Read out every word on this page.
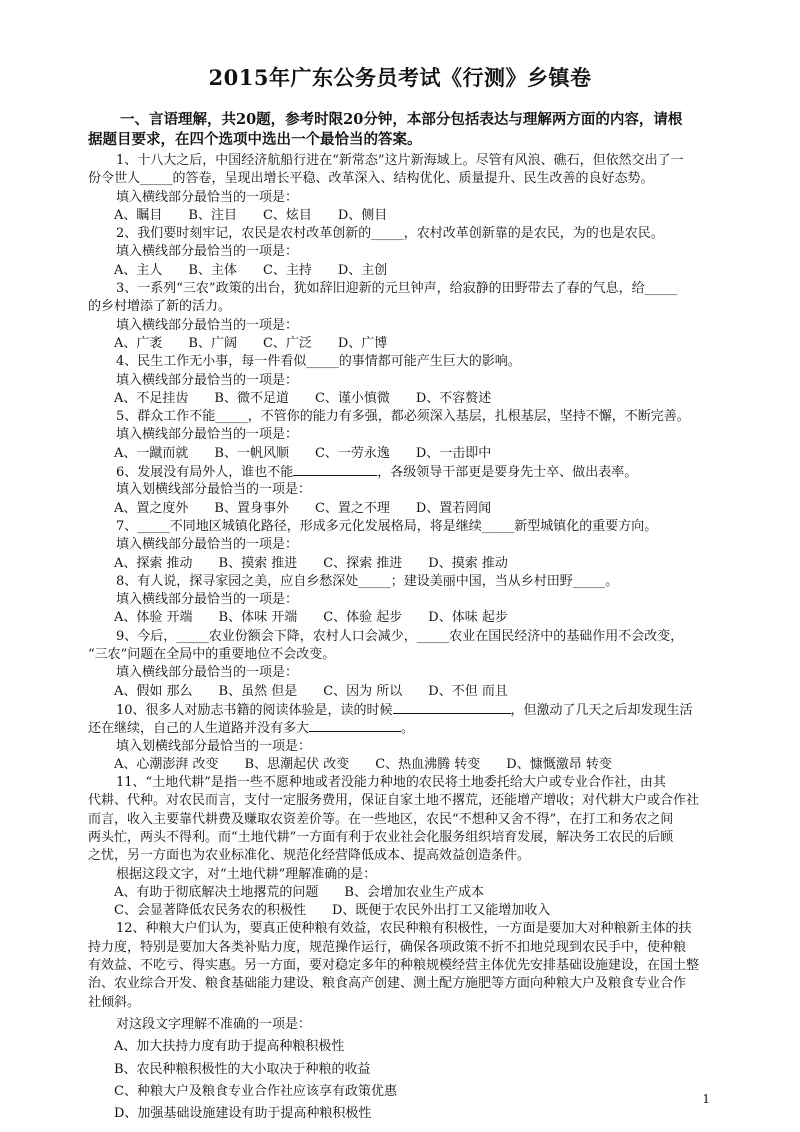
2015年广东公务员考试《行测》乡镇卷
一、言语理解，共20题，参考时限20分钟，本部分包括表达与理解两方面的内容，请根
据题目要求，在四个选项中选出一个最恰当的答案。
1、十八大之后，中国经济航船行进在“新常态”这片新海域上。尽管有风浪、礁石，但依然交出了一
份令世人_____的答卷，呈现出增长平稳、改革深入、结构优化、质量提升、民生改善的良好态势。
填入横线部分最恰当的一项是：
A、瞩目　　B、注目　　C、炫目　　D、侧目
2、我们要时刻牢记，农民是农村改革创新的_____，农村改革创新靠的是农民，为的也是农民。
填入横线部分最恰当的一项是：
A、主人　　B、主体　　C、主持　　D、主创
3、一系列“三农”政策的出台，犹如辞旧迎新的元旦钟声，给寂静的田野带去了春的气息，给_____
的乡村增添了新的活力。
填入横线部分最恰当的一项是：
A、广袤　　B、广阔　　C、广泛　　D、广博
4、民生工作无小事，每一件看似_____的事情都可能产生巨大的影响。
填入横线部分最恰当的一项是：
A、不足挂齿　　B、微不足道　　C、谨小慎微　　D、不容赘述
5、群众工作不能_____，不管你的能力有多强，都必须深入基层，扎根基层，坚持不懈，不断完善。
填入横线部分最恰当的一项是：
A、一蹴而就　　B、一帆风顺　　C、一劳永逸　　D、一击即中
6、发展没有局外人，谁也不能	，各级领导干部更是要身先士卒、做出表率。
填入划横线部分最恰当的一项是：
A、置之度外　　B、置身事外　　C、置之不理　　D、置若罔闻
7、_____不同地区城镇化路径，形成多元化发展格局，将是继续_____新型城镇化的重要方向。
填入横线部分最恰当的一项是：
A、探索 推动　　B、摸索 推进　　C、探索 推进　　D、摸索 推动
8、有人说，探寻家园之美，应自乡愁深处_____；建设美丽中国，当从乡村田野_____。
填入横线部分最恰当的一项是：
A、体验 开端　　B、体味 开端　　C、体验 起步　　D、体味 起步
9、今后，_____农业份额会下降，农村人口会减少，_____农业在国民经济中的基础作用不会改变，
“三农”问题在全局中的重要地位不会改变。
填入横线部分最恰当的一项是：
A、假如 那么　　B、虽然 但是　　C、因为 所以　　D、不但 而且
10、很多人对励志书籍的阅读体验是，读的时候	，但激动了几天之后却发现生活
还在继续，自己的人生道路并没有多大	。
填入划横线部分最恰当的一项是：
A、心潮澎湃 改变　　B、思潮起伏 改变　　C、热血沸腾 转变　　D、慷慨激昂 转变
11、“土地代耕”是指一些不愿种地或者没能力种地的农民将土地委托给大户或专业合作社，由其
代耕、代种。对农民而言，支付一定服务费用，保证自家土地不撂荒，还能增产增收；对代耕大户或合作社
而言，收入主要靠代耕费及赚取农资差价等。在一些地区，农民“不想种又舍不得”，在打工和务农之间
两头忙，两头不得利。而“土地代耕”一方面有利于农业社会化服务组织培育发展，解决务工农民的后顾
之忧，另一方面也为农业标准化、规范化经营降低成本、提高效益创造条件。
根据这段文字，对“土地代耕”理解准确的是：
A、有助于彻底解决土地撂荒的问题　　B、会增加农业生产成本
C、会显著降低农民务农的积极性　　D、既便于农民外出打工又能增加收入
12、种粮大户们认为，要真正使种粮有效益，农民种粮有积极性，一方面是要加大对种粮新主体的扶
持力度，特别是要加大各类补贴力度，规范操作运行，确保各项政策不折不扣地兑现到农民手中，使种粮
有效益、不吃亏、得实惠。另一方面，要对稳定多年的种粮规模经营主体优先安排基础设施建设，在国土整
治、农业综合开发、粮食基础能力建设、粮食高产创建、测土配方施肥等方面向种粮大户及粮食专业合作
社倾斜。
对这段文字理解不准确的一项是：
A、加大扶持力度有助于提高种粮积极性
B、农民种粮积极性的大小取决于种粮的收益
C、种粮大户及粮食专业合作社应该享有政策优惠
D、加强基础设施建设有助于提高种粮积极性
1
